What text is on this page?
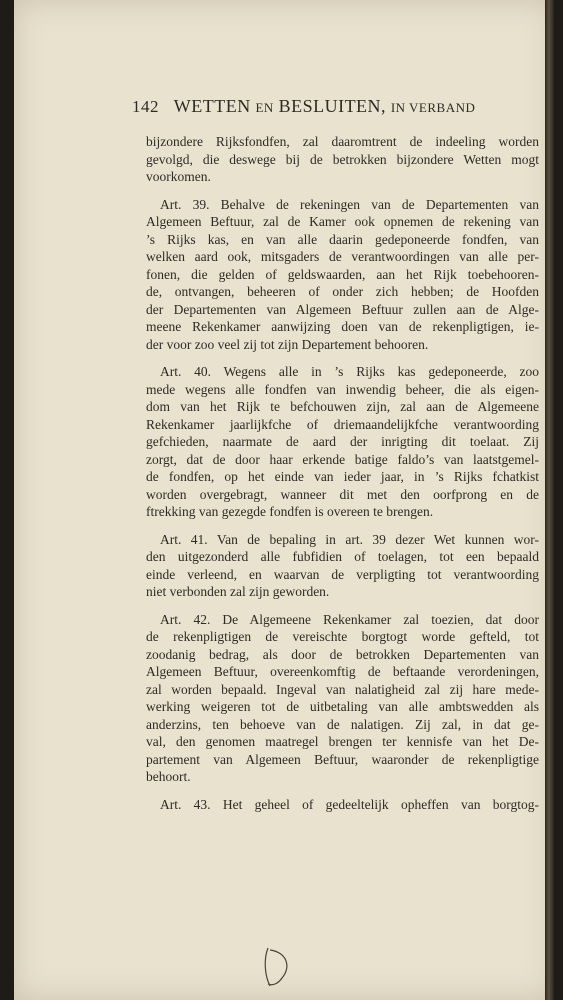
142 WETTEN EN BESLUITEN, IN VERBAND
bijzondere Rijksfondfen, zal daaromtrent de indeeling worden
gevolgd, die deswege bij de betrokken bijzondere Wetten mogt
voorkomen.
Art. 39. Behalve de rekeningen van de Departementen van
Algemeen Beftuur, zal de Kamer ook opnemen de rekening van
’s Rijks kas, en van alle daarin gedeponeerde fondfen, van
welken aard ook, mitsgaders de verantwoordingen van alle per-
fonen, die gelden of geldswaarden, aan het Rijk toebehooren-
de, ontvangen, beheeren of onder zich hebben; de Hoofden
der Departementen van Algemeen Beftuur zullen aan de Alge-
meene Rekenkamer aanwijzing doen van de rekenpligtigen, ie-
der voor zoo veel zij tot zijn Departement behooren.
Art. 40. Wegens alle in ’s Rijks kas gedeponeerde, zoo
mede wegens alle fondfen van inwendig beheer, die als eigen-
dom van het Rijk te befchouwen zijn, zal aan de Algemeene
Rekenkamer jaarlijkfche of driemaandelijkfche verantwoording
gefchieden, naarmate de aard der inrigting dit toelaat. Zij
zorgt, dat de door haar erkende batige faldo’s van laatstgemel-
de fondfen, op het einde van ieder jaar, in ’s Rijks fchatkist
worden overgebragt, wanneer dit met den oorfprong en de
ftrekking van gezegde fondfen is overeen te brengen.
Art. 41. Van de bepaling in art. 39 dezer Wet kunnen wor-
den uitgezonderd alle fubfidien of toelagen, tot een bepaald
einde verleend, en waarvan de verpligting tot verantwoording
niet verbonden zal zijn geworden.
Art. 42. De Algemeene Rekenkamer zal toezien, dat door
de rekenpligtigen de vereischte borgtogt worde gefteld, tot
zoodanig bedrag, als door de betrokken Departementen van
Algemeen Beftuur, overeenkomftig de beftaande verordeningen,
zal worden bepaald. Ingeval van nalatigheid zal zij hare mede-
werking weigeren tot de uitbetaling van alle ambtswedden als
anderzins, ten behoeve van de nalatigen. Zij zal, in dat ge-
val, den genomen maatregel brengen ter kennisfe van het De-
partement van Algemeen Beftuur, waaronder de rekenpligtige
behoort.
Art. 43. Het geheel of gedeeltelijk opheffen van borgtog-
